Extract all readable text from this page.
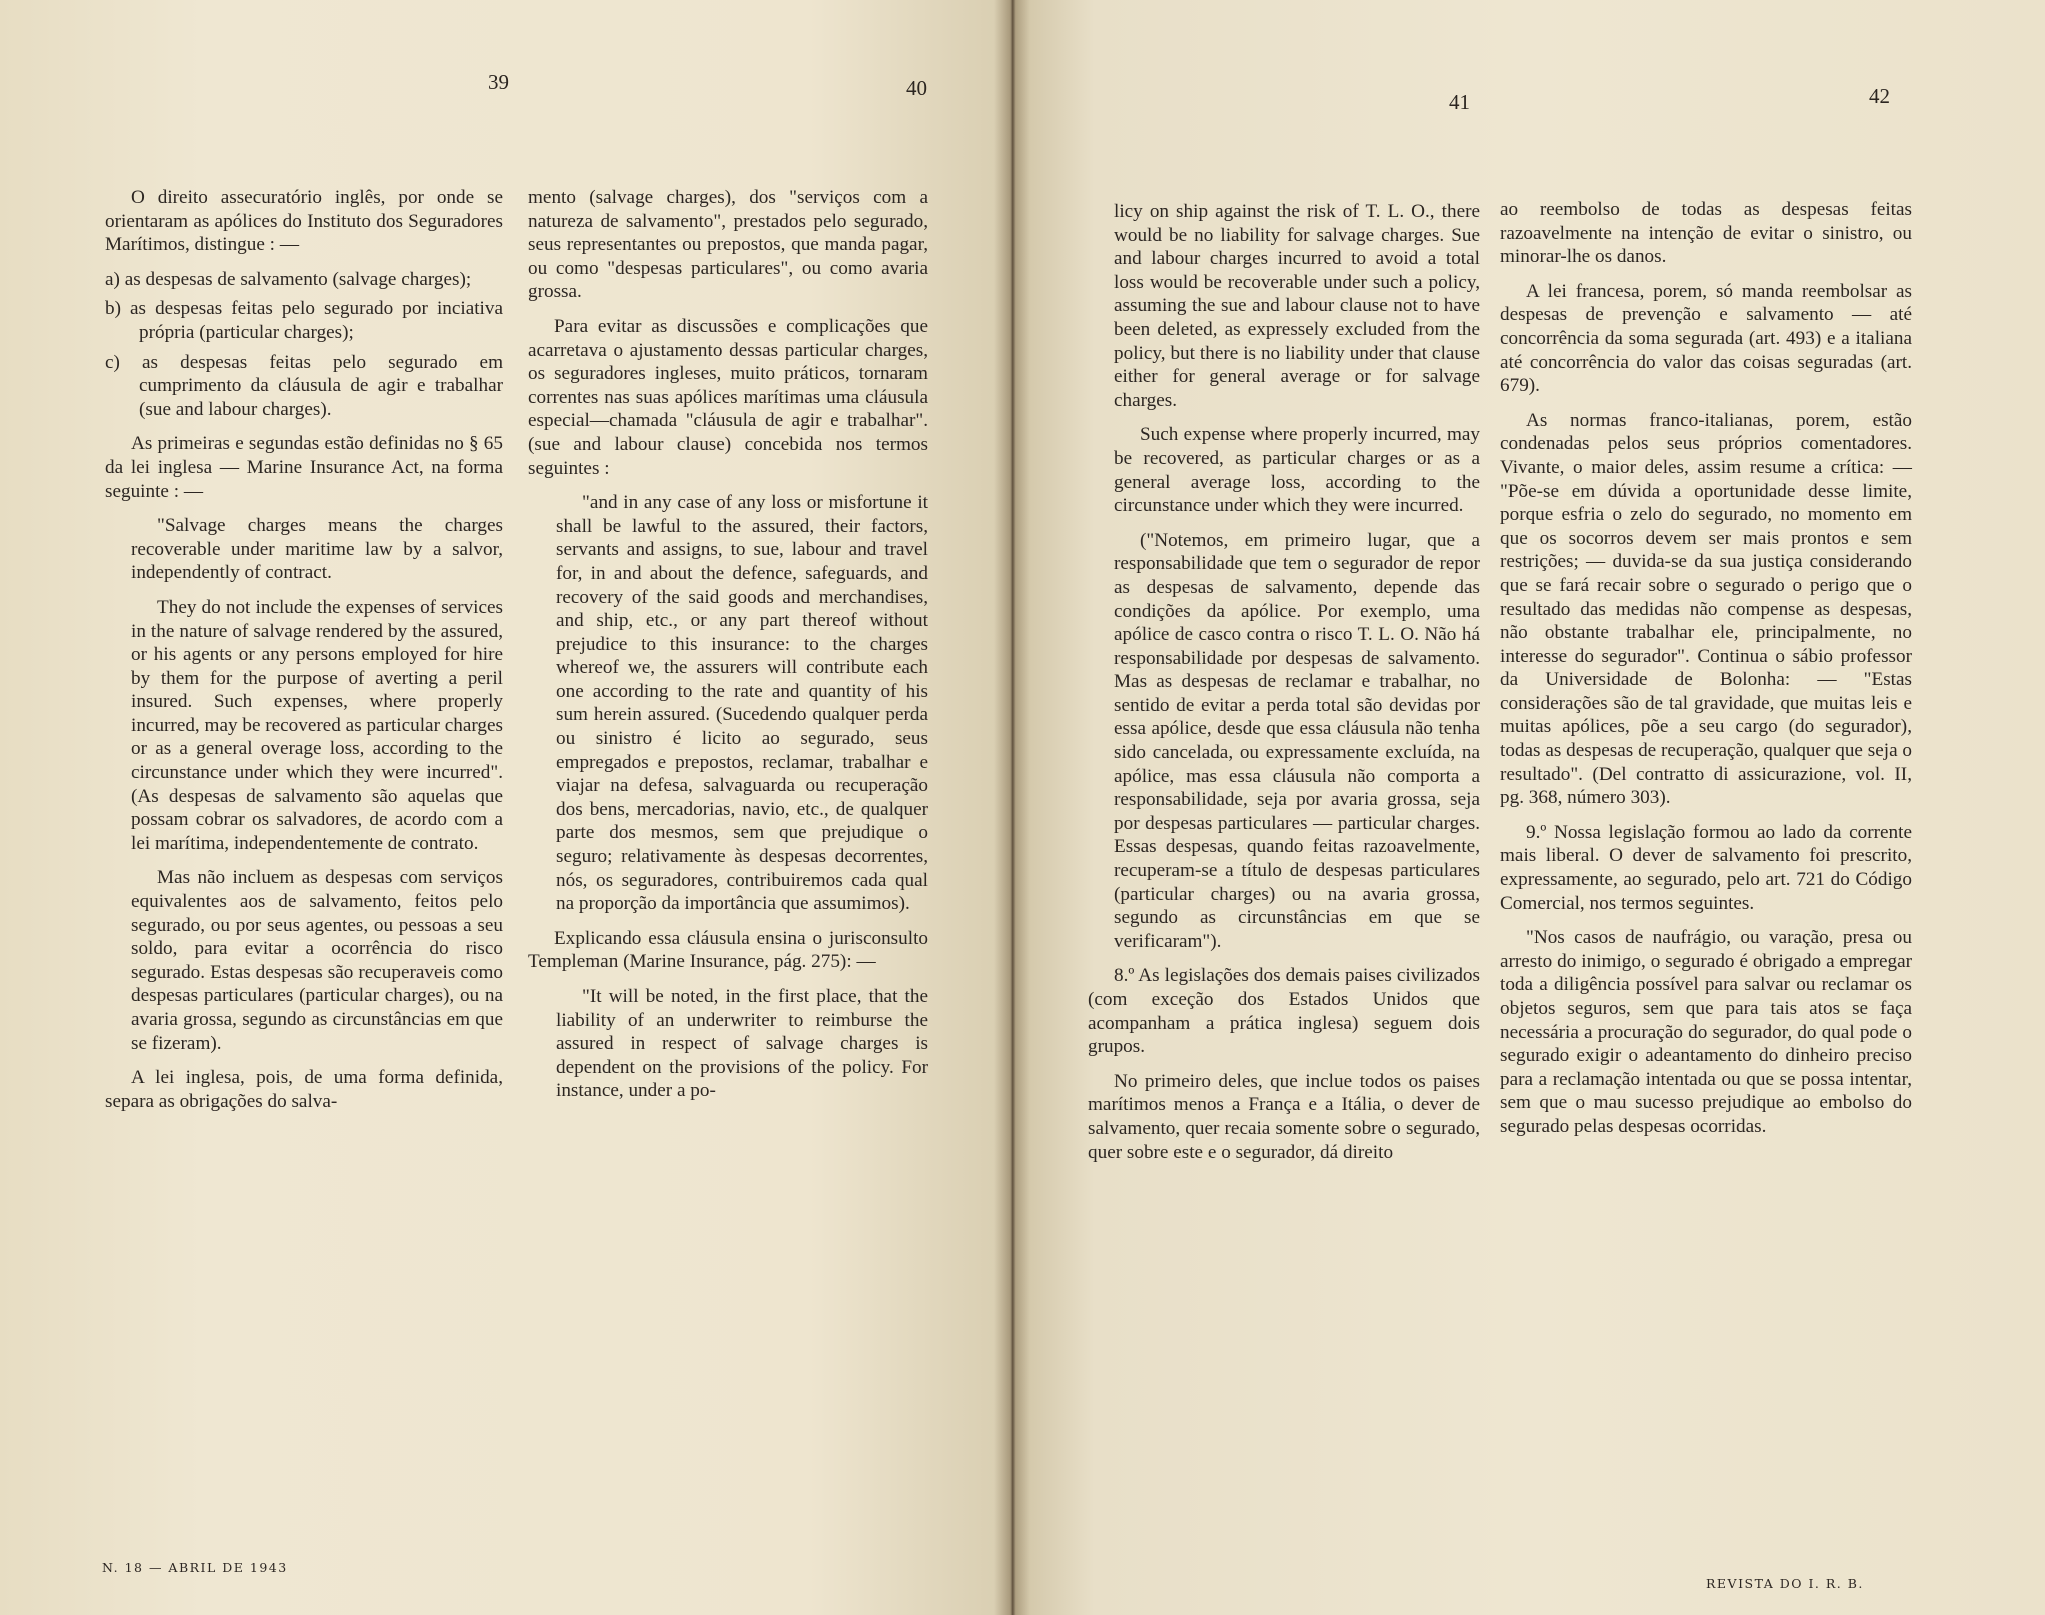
39	40
41	42

O direito assecuratório inglês, por onde se orientaram as apólices do Instituto dos Seguradores Marítimos, distingue : —

a) as despesas de salvamento (salvage charges);

b) as despesas feitas pelo segurado por inciativa própria (particular charges);

c) as despesas feitas pelo segurado em cumprimento da cláusula de agir e trabalhar (sue and labour charges).

As primeiras e segundas estão definidas no § 65 da lei inglesa — Marine Insurance Act, na forma seguinte : —

"Salvage charges means the charges recoverable under maritime law by a salvor, independently of contract.

They do not include the expenses of services in the nature of salvage rendered by the assured, or his agents or any persons employed for hire by them for the purpose of averting a peril insured. Such expenses, where properly incurred, may be recovered as particular charges or as a general overage loss, according to the circunstance under which they were incurred". (As despesas de salvamento são aquelas que possam cobrar os salvadores, de acordo com a lei marítima, independentemente de contrato.

Mas não incluem as despesas com serviços equivalentes aos de salvamento, feitos pelo segurado, ou por seus agentes, ou pessoas a seu soldo, para evitar a ocorrência do risco segurado. Estas despesas são recuperaveis como despesas particulares (particular charges), ou na avaria grossa, segundo as circunstâncias em que se fizeram).

A lei inglesa, pois, de uma forma definida, separa as obrigações do salva-

mento (salvage charges), dos "serviços com a natureza de salvamento", prestados pelo segurado, seus representantes ou prepostos, que manda pagar, ou como "despesas particulares", ou como avaria grossa.

Para evitar as discussões e complicações que acarretava o ajustamento dessas particular charges, os seguradores ingleses, muito práticos, tornaram correntes nas suas apólices marítimas uma cláusula especial—chamada "cláusula de agir e trabalhar". (sue and labour clause) concebida nos termos seguintes :

"and in any case of any loss or misfortune it shall be lawful to the assured, their factors, servants and assigns, to sue, labour and travel for, in and about the defence, safeguards, and recovery of the said goods and merchandises, and ship, etc., or any part thereof without prejudice to this insurance: to the charges whereof we, the assurers will contribute each one according to the rate and quantity of his sum herein assured. (Sucedendo qualquer perda ou sinistro é licito ao segurado, seus empregados e prepostos, reclamar, trabalhar e viajar na defesa, salvaguarda ou recuperação dos bens, mercadorias, navio, etc., de qualquer parte dos mesmos, sem que prejudique o seguro; relativamente às despesas decorrentes, nós, os seguradores, contribuiremos cada qual na proporção da importância que assumimos).

Explicando essa cláusula ensina o jurisconsulto Templeman (Marine Insurance, pág. 275): —

"It will be noted, in the first place, that the liability of an underwriter to reimburse the assured in respect of salvage charges is dependent on the provisions of the policy. For instance, under a po-

licy on ship against the risk of T. L. O., there would be no liability for salvage charges. Sue and labour charges incurred to avoid a total loss would be recoverable under such a policy, assuming the sue and labour clause not to have been deleted, as expressely excluded from the policy, but there is no liability under that clause either for general average or for salvage charges.

Such expense where properly incurred, may be recovered, as particular charges or as a general average loss, according to the circunstance under which they were incurred.

("Notemos, em primeiro lugar, que a responsabilidade que tem o segurador de repor as despesas de salvamento, depende das condições da apólice. Por exemplo, uma apólice de casco contra o risco T. L. O. Não há responsabilidade por despesas de salvamento. Mas as despesas de reclamar e trabalhar, no sentido de evitar a perda total são devidas por essa apólice, desde que essa cláusula não tenha sido cancelada, ou expressamente excluída, na apólice, mas essa cláusula não comporta a responsabilidade, seja por avaria grossa, seja por despesas particulares — particular charges. Essas despesas, quando feitas razoavelmente, recuperam-se a título de despesas particulares (particular charges) ou na avaria grossa, segundo as circunstâncias em que se verificaram").

8.º As legislações dos demais paises civilizados (com exceção dos Estados Unidos que acompanham a prática inglesa) seguem dois grupos.

No primeiro deles, que inclue todos os paises marítimos menos a França e a Itália, o dever de salvamento, quer recaia somente sobre o segurado, quer sobre este e o segurador, dá direito

ao reembolso de todas as despesas feitas razoavelmente na intenção de evitar o sinistro, ou minorar-lhe os danos.

A lei francesa, porem, só manda reembolsar as despesas de prevenção e salvamento — até concorrência da soma segurada (art. 493) e a italiana até concorrência do valor das coisas seguradas (art. 679).

As normas franco-italianas, porem, estão condenadas pelos seus próprios comentadores. Vivante, o maior deles, assim resume a crítica: — "Põe-se em dúvida a oportunidade desse limite, porque esfria o zelo do segurado, no momento em que os socorros devem ser mais prontos e sem restrições; — duvida-se da sua justiça considerando que se fará recair sobre o segurado o perigo que o resultado das medidas não compense as despesas, não obstante trabalhar ele, principalmente, no interesse do segurador". Continua o sábio professor da Universidade de Bolonha: — "Estas considerações são de tal gravidade, que muitas leis e muitas apólices, põe a seu cargo (do segurador), todas as despesas de recuperação, qualquer que seja o resultado". (Del contratto di assicurazione, vol. II, pg. 368, número 303).

9.º Nossa legislação formou ao lado da corrente mais liberal. O dever de salvamento foi prescrito, expressamente, ao segurado, pelo art. 721 do Código Comercial, nos termos seguintes.

"Nos casos de naufrágio, ou varação, presa ou arresto do inimigo, o segurado é obrigado a empregar toda a diligência possível para salvar ou reclamar os objetos seguros, sem que para tais atos se faça necessária a procuração do segurador, do qual pode o segurado exigir o adeantamento do dinheiro preciso para a reclamação intentada ou que se possa intentar, sem que o mau sucesso prejudique ao embolso do segurado pelas despesas ocorridas.

N. 18 — ABRIL DE 1943
REVISTA DO I. R. B.
